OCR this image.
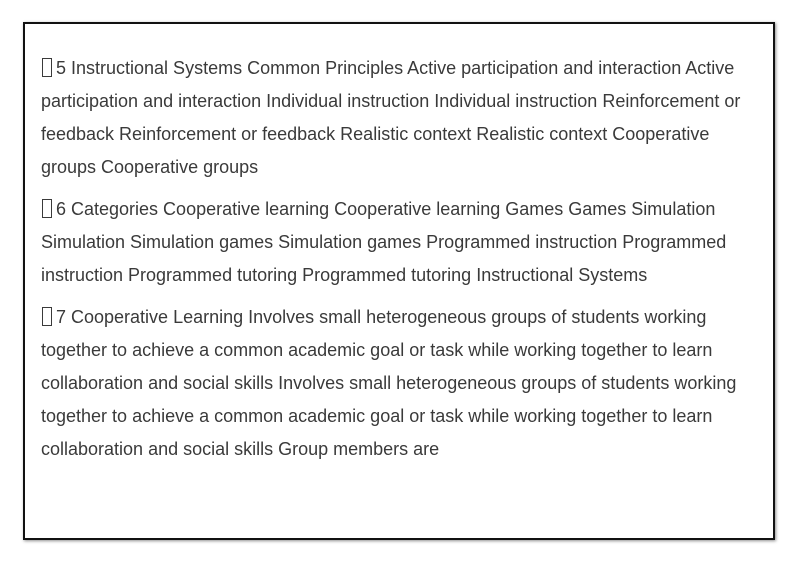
5 Instructional Systems Common Principles Active participation and interaction Active participation and interaction Individual instruction Individual instruction Reinforcement or feedback Reinforcement or feedback Realistic context Realistic context Cooperative groups Cooperative groups

6 Categories Cooperative learning Cooperative learning Games Games Simulation Simulation Simulation games Simulation games Programmed instruction Programmed instruction Programmed tutoring Programmed tutoring Instructional Systems

7 Cooperative Learning Involves small heterogeneous groups of students working together to achieve a common academic goal or task while working together to learn collaboration and social skills Involves small heterogeneous groups of students working together to achieve a common academic goal or task while working together to learn collaboration and social skills Group members are
